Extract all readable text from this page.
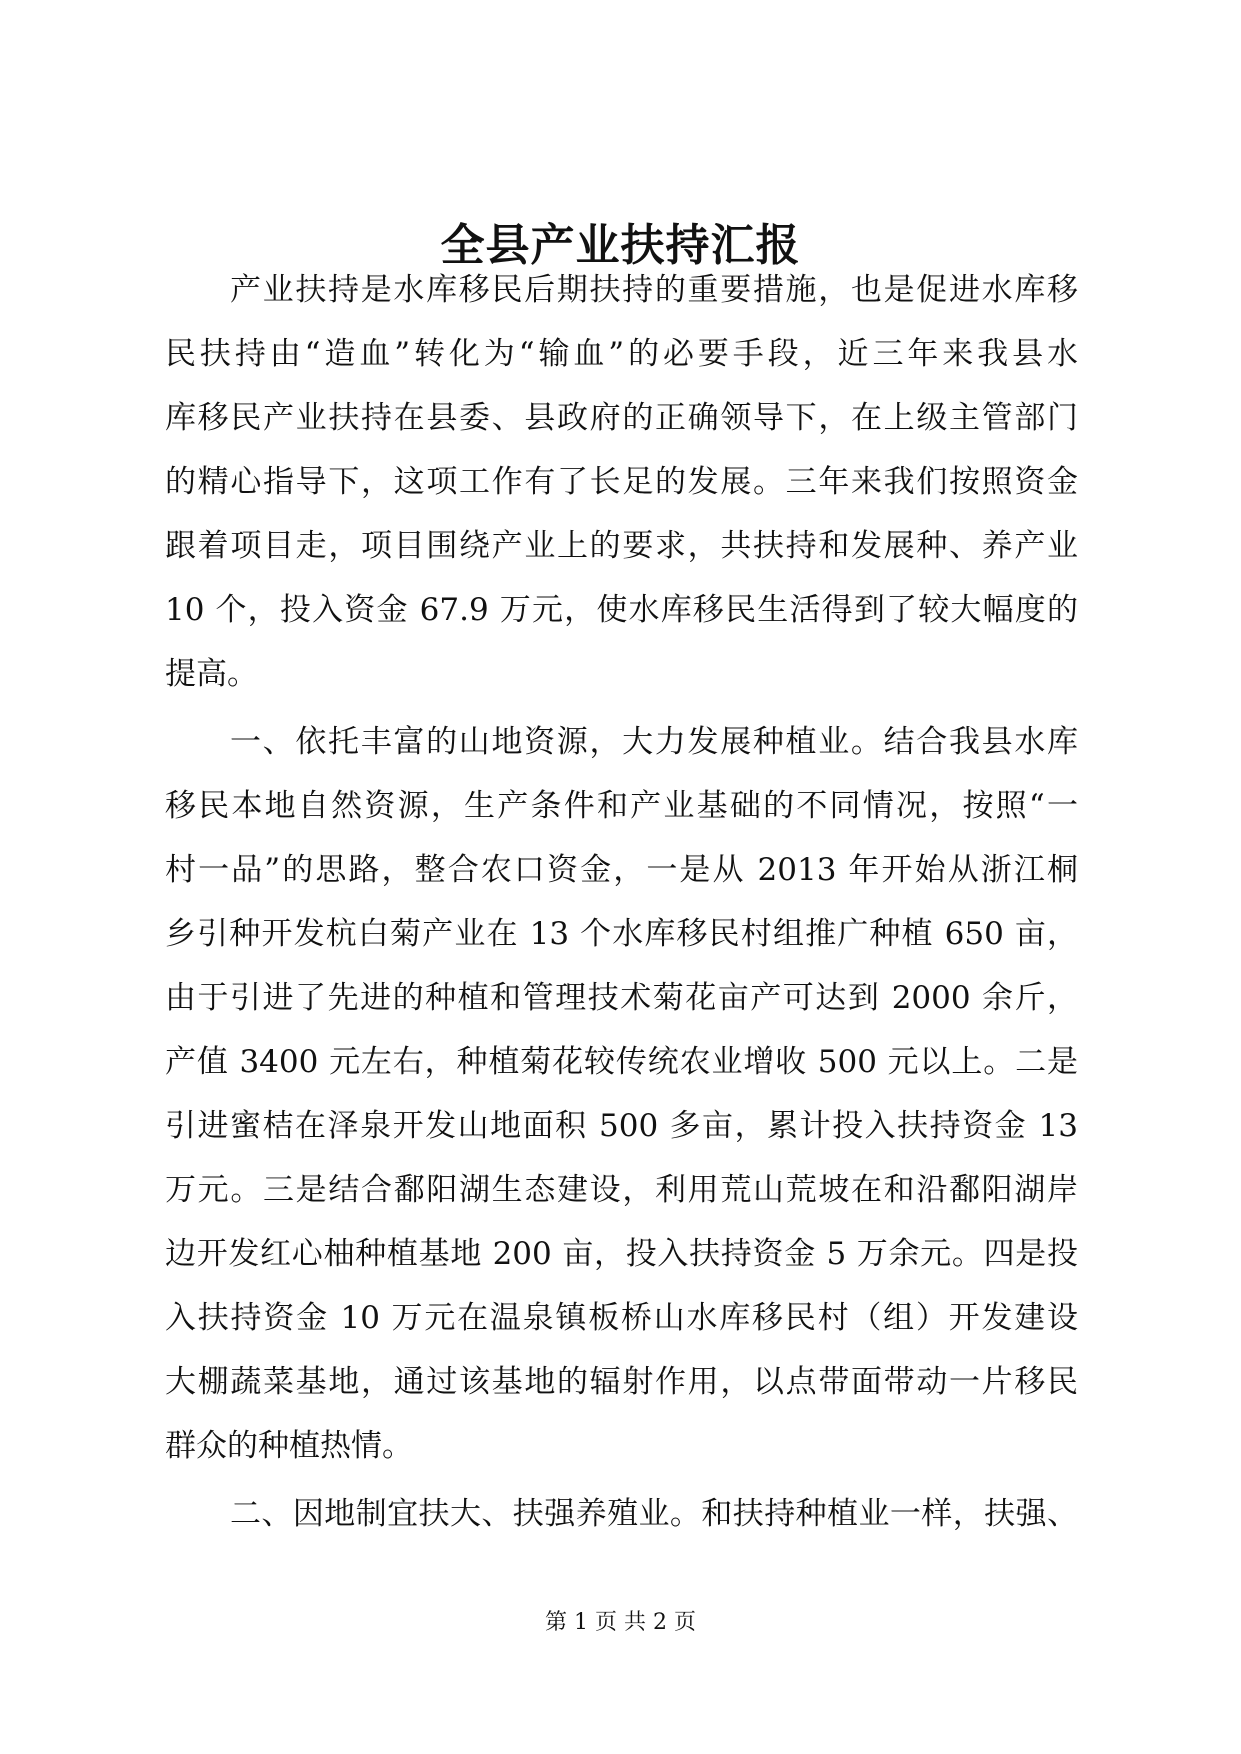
全县产业扶持汇报
产业扶持是水库移民后期扶持的重要措施，也是促进水库移
民扶持由“造血”转化为“输血”的必要手段，近三年来我县水
库移民产业扶持在县委、县政府的正确领导下，在上级主管部门
的精心指导下，这项工作有了长足的发展。三年来我们按照资金
跟着项目走，项目围绕产业上的要求，共扶持和发展种、养产业
10 个，投入资金 67.9 万元，使水库移民生活得到了较大幅度的
提高。
一、依托丰富的山地资源，大力发展种植业。结合我县水库
移民本地自然资源，生产条件和产业基础的不同情况，按照“一
村一品”的思路，整合农口资金，一是从 2013 年开始从浙江桐
乡引种开发杭白菊产业在 13 个水库移民村组推广种植 650 亩，
由于引进了先进的种植和管理技术菊花亩产可达到 2000 余斤，
产值 3400 元左右，种植菊花较传统农业增收 500 元以上。二是
引进蜜桔在泽泉开发山地面积 500 多亩，累计投入扶持资金 13
万元。三是结合鄱阳湖生态建设，利用荒山荒坡在和沿鄱阳湖岸
边开发红心柚种植基地 200 亩，投入扶持资金 5 万余元。四是投
入扶持资金 10 万元在温泉镇板桥山水库移民村（组）开发建设
大棚蔬菜基地，通过该基地的辐射作用，以点带面带动一片移民
群众的种植热情。
二、因地制宜扶大、扶强养殖业。和扶持种植业一样，扶强、
第 1 页 共 2 页
